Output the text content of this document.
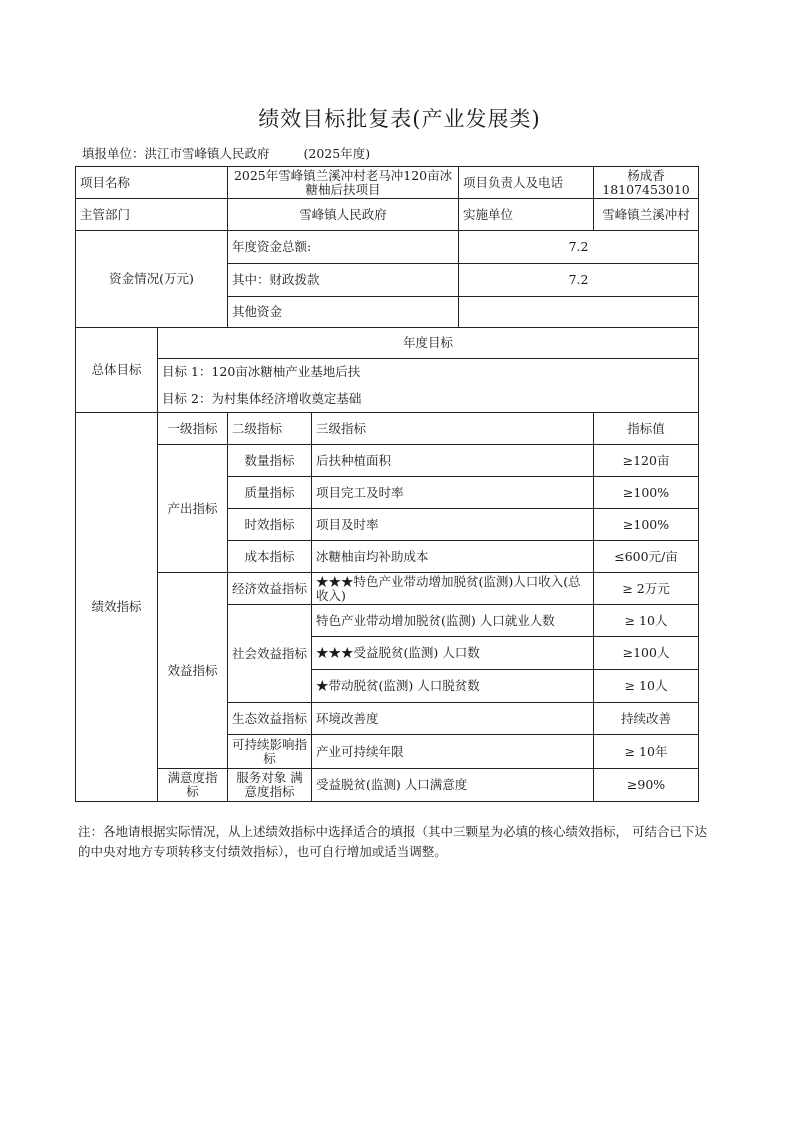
绩效目标批复表(产业发展类)
填报单位：洪江市雪峰镇人民政府	(2025年度)
项目名称		2025年雪峰镇兰溪冲村老马冲120亩冰糖柚后扶项目		项目负责人及电话	杨成香
18107453010

主管部门		雪峰镇人民政府		实施单位	雪峰镇兰溪冲村
资金情况(万元)		年度资金总额:		7.2	
		其中：财政拨款		7.2	
		其他资金			
总体目标	年度目标				
	目标 1：120亩冰糖柚产业基地后扶				
	目标 2：为村集体经济增收奠定基础				
绩效指标	一级指标	二级指标	三级指标		指标值
	产出指标	数量指标	后扶种植面积		≥120亩
		质量指标	项目完工及时率		≥100%
		时效指标	项目及时率		≥100%
		成本指标	冰糖柚亩均补助成本		≤600元/亩
	效益指标	经济效益指标	★★★特色产业带动增加脱贫(监测)人口收入(总收入)		≥ 2万元
		社会效益指标	特色产业带动增加脱贫(监测) 人口就业人数		≥ 10人
			★★★受益脱贫(监测) 人口数		≥100人
			★带动脱贫(监测) 人口脱贫数		≥ 10人
		生态效益指标	环境改善度		持续改善
		可持续影响指标	产业可持续年限		≥ 10年
	满意度指标	服务对象 满意度指标	受益脱贫(监测) 人口满意度		≥90%
注：各地请根据实际情况，从上述绩效指标中选择适合的填报（其中三颗星为必填的核心绩效指标， 可结合已下达的中央对地方专项转移支付绩效指标），也可自行增加或适当调整。
